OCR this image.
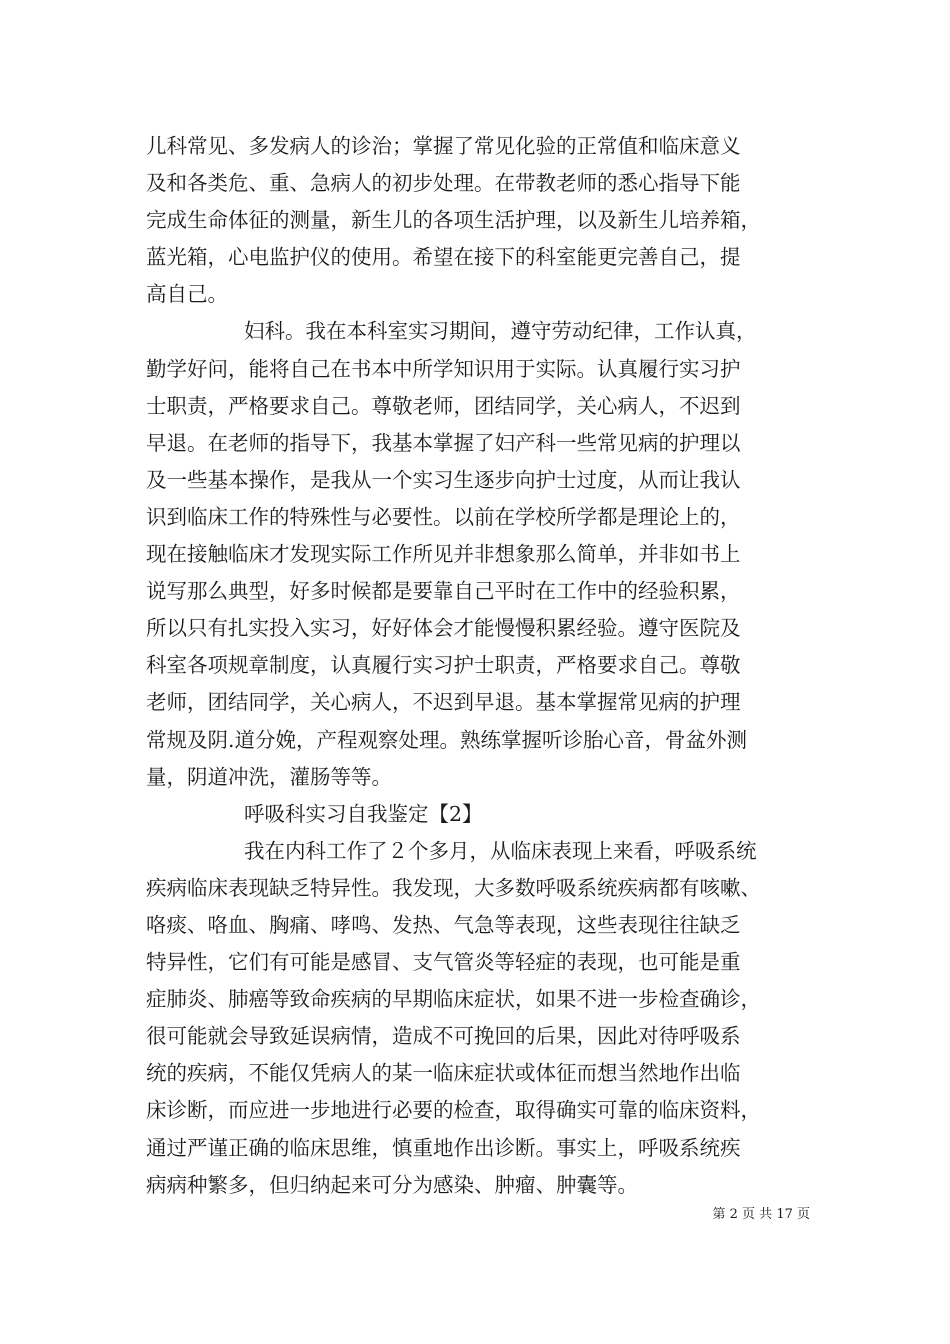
儿科常见、多发病人的诊治；掌握了常见化验的正常值和临床意义
及和各类危、重、急病人的初步处理。在带教老师的悉心指导下能
完成生命体征的测量，新生儿的各项生活护理，以及新生儿培养箱，
蓝光箱，心电监护仪的使用。希望在接下的科室能更完善自己，提
高自己。
妇科。我在本科室实习期间，遵守劳动纪律，工作认真，
勤学好问，能将自己在书本中所学知识用于实际。认真履行实习护
士职责，严格要求自己。尊敬老师，团结同学，关心病人，不迟到
早退。在老师的指导下，我基本掌握了妇产科一些常见病的护理以
及一些基本操作，是我从一个实习生逐步向护士过度，从而让我认
识到临床工作的特殊性与必要性。以前在学校所学都是理论上的，
现在接触临床才发现实际工作所见并非想象那么简单，并非如书上
说写那么典型，好多时候都是要靠自己平时在工作中的经验积累，
所以只有扎实投入实习，好好体会才能慢慢积累经验。遵守医院及
科室各项规章制度，认真履行实习护士职责，严格要求自己。尊敬
老师，团结同学，关心病人，不迟到早退。基本掌握常见病的护理
常规及阴.道分娩，产程观察处理。熟练掌握听诊胎心音，骨盆外测
量，阴道冲洗，灌肠等等。
呼吸科实习自我鉴定【2】
我在内科工作了２个多月，从临床表现上来看，呼吸系统
疾病临床表现缺乏特异性。我发现，大多数呼吸系统疾病都有咳嗽、
咯痰、咯血、胸痛、哮鸣、发热、气急等表现，这些表现往往缺乏
特异性，它们有可能是感冒、支气管炎等轻症的表现，也可能是重
症肺炎、肺癌等致命疾病的早期临床症状，如果不进一步检查确诊，
很可能就会导致延误病情，造成不可挽回的后果，因此对待呼吸系
统的疾病，不能仅凭病人的某一临床症状或体征而想当然地作出临
床诊断，而应进一步地进行必要的检查，取得确实可靠的临床资料，
通过严谨正确的临床思维，慎重地作出诊断。事实上，呼吸系统疾
病病种繁多，但归纳起来可分为感染、肿瘤、肿囊等。
第 2 页 共 17 页
